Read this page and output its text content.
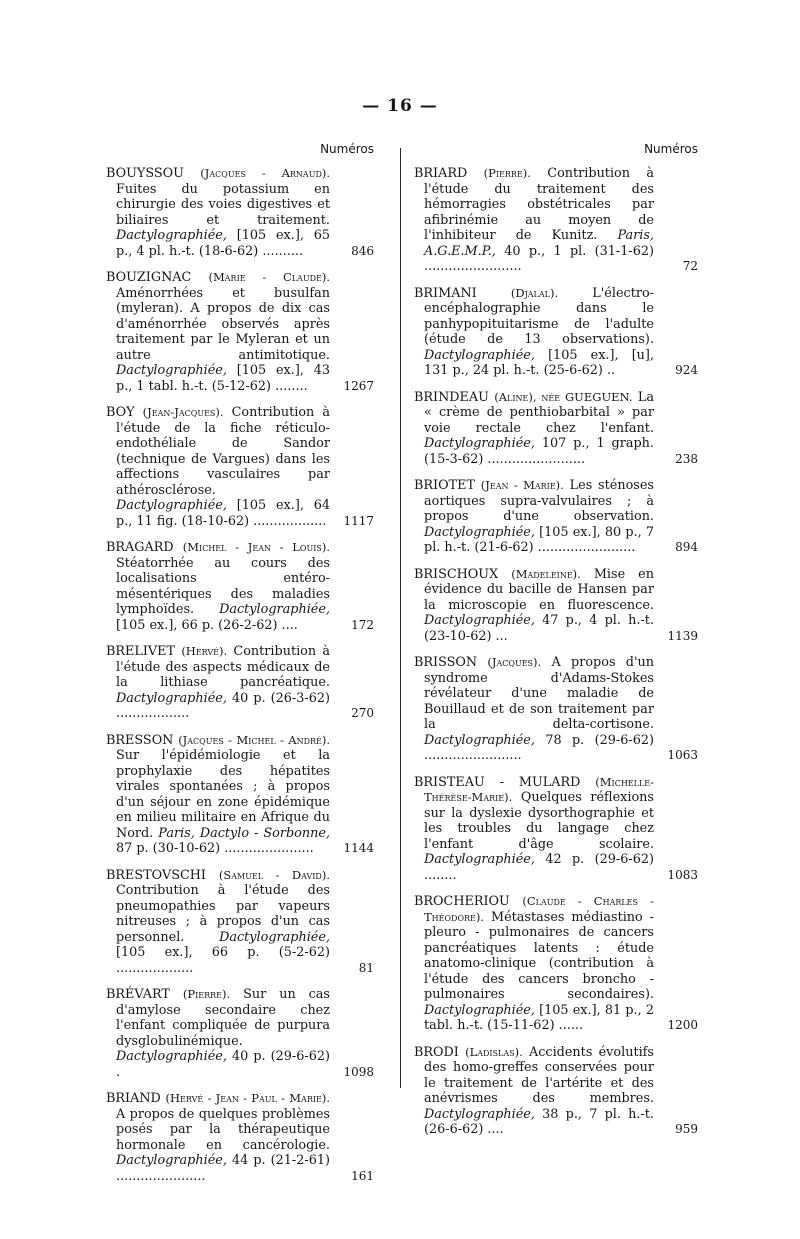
— 16 —
Numéros
BOUYSSOU (Jacques - Arnaud). Fuites du potassium en chirurgie des voies digestives et biliaires et traitement. Dactylographiée, [105 ex.], 65 p., 4 pl. h.-t. (18-6-62) ..........	846
BOUZIGNAC (Marie - Claude). Aménorrhées et busulfan (myleran). A propos de dix cas d'aménorrhée observés après traitement par le Myleran et un autre antimitotique. Dactylographiée, [105 ex.], 43 p., 1 tabl. h.-t. (5-12-62) ........	1267
BOY (Jean-Jacques). Contribution à l'étude de la fiche réticulo-endothéliale de Sandor (technique de Vargues) dans les affections vasculaires par athérosclérose. Dactylographiée, [105 ex.], 64 p., 11 fig. (18-10-62) .................. 1117
BRAGARD (Michel - Jean - Louis). Stéatorrhée au cours des localisations entéro-mésentériques des maladies lymphoïdes. Dactylographiée, [105 ex.], 66 p. (26-2-62) ....	172
BRELIVET (Hervé). Contribution à l'étude des aspects médicaux de la lithiase pancréatique. Dactylographiée, 40 p. (26-3-62) ..................	270
BRESSON (Jacques - Michel - André). Sur l'épidémiologie et la prophylaxie des hépatites virales spontanées ; à propos d'un séjour en zone épidémique en milieu militaire en Afrique du Nord. Paris, Dactylo - Sorbonne, 87 p. (30-10-62) ...................... 1144
BRESTOVSCHI (Samuel - David). Contribution à l'étude des pneumopathies par vapeurs nitreuses ; à propos d'un cas personnel.	Dactylographiée, [105 ex.], 66 p. (5-2-62) ...................	81
BRÉVART (Pierre). Sur un cas d'amylose secondaire chez l'enfant compliquée de purpura dysglobulinémique. Dactylographiée, 40 p. (29-6-62) .	1098
BRIAND (Hervé - Jean - Paul - Marie). A propos de quelques problèmes posés par la thérapeutique hormonale en cancérologie. Dactylographiée, 44 p. (21-2-61) ......................	161
Numéros
BRIARD (Pierre). Contribution à l'étude du traitement des hémorragies obstétricales par afibrinémie au moyen de l'inhibiteur de Kunitz. Paris, A.G.E.M.P., 40 p., 1 pl. (31-1-62) ........................	72
BRIMANI	(Djalal).	L'électro-encéphalographie dans le panhypopituitarisme de l'adulte (étude de 13 observations). Dactylographiée, [105 ex.], [u], 131 p., 24 pl. h.-t. (25-6-62) ..	924
BRINDEAU (Aline), née GUEGUEN. La « crème de penthiobarbital » par voie rectale chez l'enfant. Dactylographiée, 107 p., 1 graph. (15-3-62) ........................	238
BRIOTET (Jean - Marie). Les sténoses aortiques supra-valvulaires ; à propos d'une observation. Dactylographiée, [105 ex.], 80 p., 7 pl. h.-t. (21-6-62) ........................	894
BRISCHOUX (Madeleine). Mise en évidence du bacille de Hansen par la microscopie en fluorescence. Dactylographiée, 47 p., 4 pl. h.-t. (23-10-62) ...	1139
BRISSON (Jacques). A propos d'un syndrome d'Adams-Stokes révélateur d'une maladie de Bouillaud et de son traitement par la delta-cortisone. Dactylographiée, 78 p. (29-6-62) ........................	1063
BRISTEAU - MULARD (Michelle-Thérèse-Marie). Quelques réflexions sur la dyslexie dysorthographie et les troubles du langage chez l'enfant d'âge scolaire. Dactylographiée, 42 p. (29-6-62) ........	1083
BROCHERIOU (Claude - Charles - Théodore). Métastases médiastino - pleuro - pulmonaires de cancers pancréatiques latents : étude anatomo-clinique (contribution à l'étude des cancers broncho - pulmonaires secondaires). Dactylographiée, [105 ex.], 81 p., 2 tabl. h.-t. (15-11-62) ......	1200
BRODI (Ladislas). Accidents évolutifs des homo-greffes conservées pour le traitement de l'artérite et des anévrismes des membres. Dactylographiée, 38 p., 7 pl. h.-t.(26-6-62) ....	959
